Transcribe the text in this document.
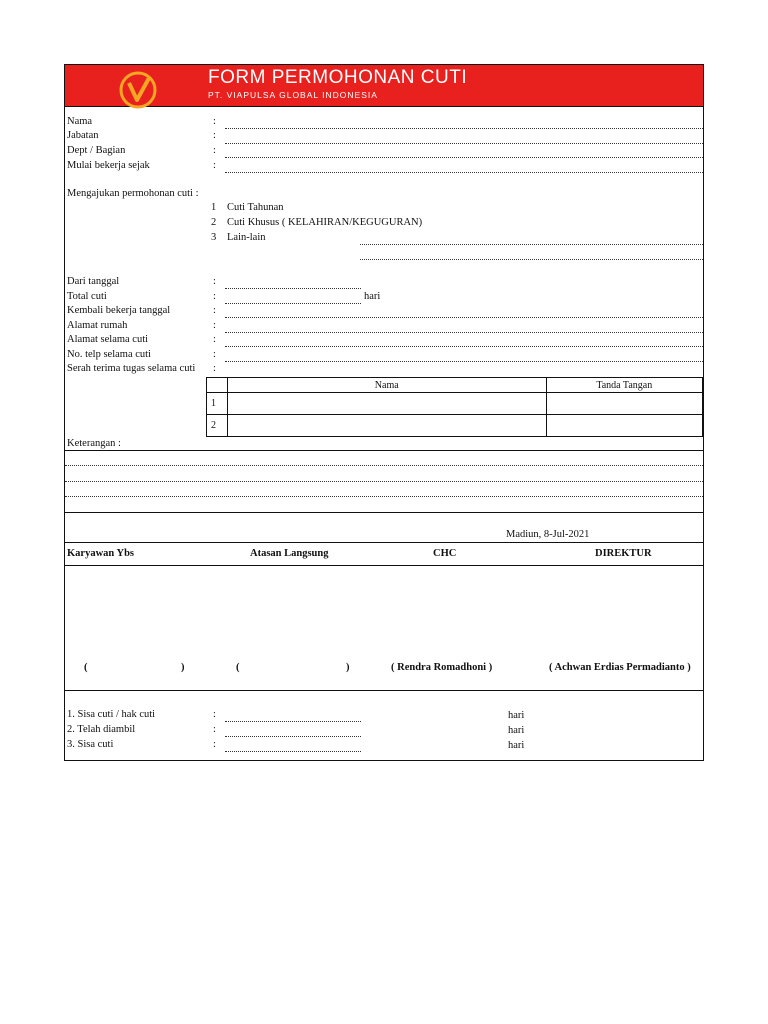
FORM PERMOHONAN CUTI
PT. VIAPULSA GLOBAL INDONESIA
Nama	:
Jabatan	:
Dept / Bagian	:
Mulai bekerja sejak	:
Mengajukan permohonan cuti :
1 Cuti Tahunan
2 Cuti Khusus ( KELAHIRAN/KEGUGURAN)
3 Lain-lain
Dari tanggal	:
Total cuti	:	hari
Kembali bekerja tanggal	:
Alamat rumah	:
Alamat selama cuti	:
No. telp selama cuti	:
Serah terima tugas selama cuti :
	Nama	Tanda Tangan
1		
2		
Keterangan :
Madiun, 8-Jul-2021
Karyawan Ybs	Atasan Langsung	CHC	DIREKTUR
(	)	(	)	( Rendra Romadhoni )	( Achwan Erdias Permadianto )
1. Sisa cuti / hak cuti	:	hari
2. Telah diambil	:	hari
3. Sisa cuti	:	hari
